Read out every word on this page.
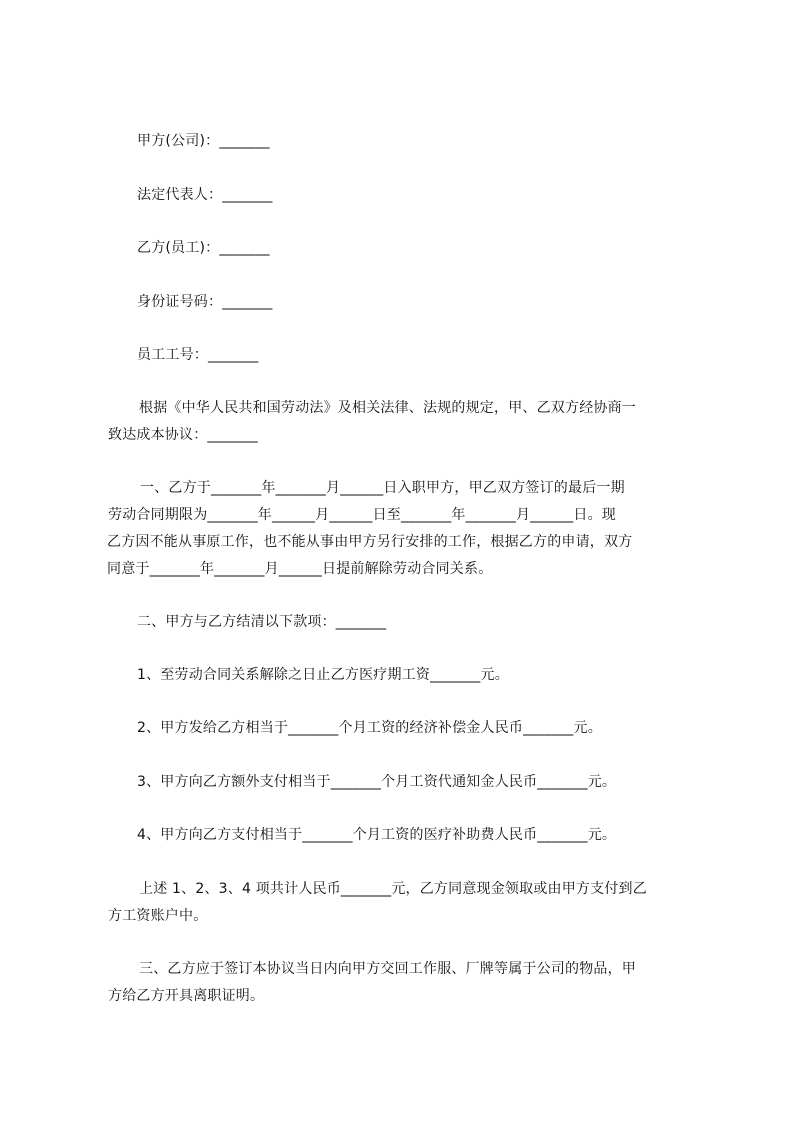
甲方(公司)：_______

法定代表人：_______

乙方(员工)：_______

身份证号码：_______

员工工号：_______

根据《中华人民共和国劳动法》及相关法律、法规的规定，甲、乙双方经协商一

致达成本协议：_______

一、乙方于_______年_______月______日入职甲方，甲乙双方签订的最后一期

劳动合同期限为_______年______月______日至_______年_______月______日。现

乙方因不能从事原工作，也不能从事由甲方另行安排的工作，根据乙方的申请，双方

同意于_______年_______月______日提前解除劳动合同关系。

二、甲方与乙方结清以下款项：_______

1、至劳动合同关系解除之日止乙方医疗期工资_______元。

2、甲方发给乙方相当于_______个月工资的经济补偿金人民币_______元。

3、甲方向乙方额外支付相当于_______个月工资代通知金人民币_______元。

4、甲方向乙方支付相当于_______个月工资的医疗补助费人民币_______元。

上述 1、2、3、4 项共计人民币_______元，乙方同意现金领取或由甲方支付到乙

方工资账户中。

三、乙方应于签订本协议当日内向甲方交回工作服、厂牌等属于公司的物品，甲

方给乙方开具离职证明。
